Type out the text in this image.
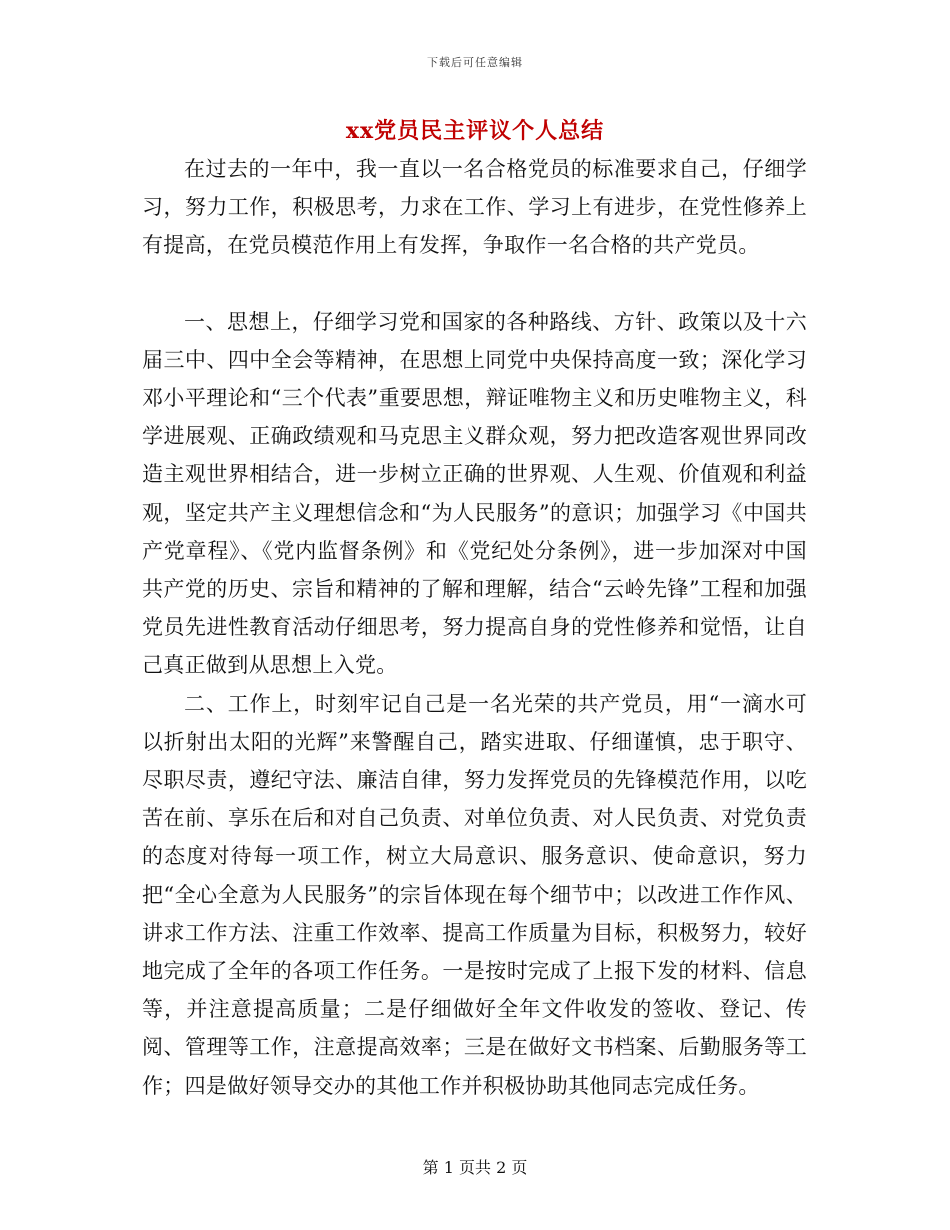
下载后可任意编辑
xx党员民主评议个人总结

在过去的一年中，我一直以一名合格党员的标准要求自己，仔细学习，努力工作，积极思考，力求在工作、学习上有进步，在党性修养上有提高，在党员模范作用上有发挥，争取作一名合格的共产党员。

一、思想上，仔细学习党和国家的各种路线、方针、政策以及十六届三中、四中全会等精神，在思想上同党中央保持高度一致；深化学习邓小平理论和“三个代表”重要思想，辩证唯物主义和历史唯物主义，科学进展观、正确政绩观和马克思主义群众观，努力把改造客观世界同改造主观世界相结合，进一步树立正确的世界观、人生观、价值观和利益观，坚定共产主义理想信念和“为人民服务”的意识；加强学习《中国共产党章程》、《党内监督条例》和《党纪处分条例》，进一步加深对中国共产党的历史、宗旨和精神的了解和理解，结合“云岭先锋”工程和加强党员先进性教育活动仔细思考，努力提高自身的党性修养和觉悟，让自己真正做到从思想上入党。

二、工作上，时刻牢记自己是一名光荣的共产党员，用“一滴水可以折射出太阳的光辉”来警醒自己，踏实进取、仔细谨慎，忠于职守、尽职尽责，遵纪守法、廉洁自律，努力发挥党员的先锋模范作用，以吃苦在前、享乐在后和对自己负责、对单位负责、对人民负责、对党负责的态度对待每一项工作，树立大局意识、服务意识、使命意识，努力把“全心全意为人民服务”的宗旨体现在每个细节中；以改进工作作风、讲求工作方法、注重工作效率、提高工作质量为目标，积极努力，较好地完成了全年的各项工作任务。一是按时完成了上报下发的材料、信息等，并注意提高质量；二是仔细做好全年文件收发的签收、登记、传阅、管理等工作，注意提高效率；三是在做好文书档案、后勤服务等工作；四是做好领导交办的其他工作并积极协助其他同志完成任务。

第 1 页共 2 页
